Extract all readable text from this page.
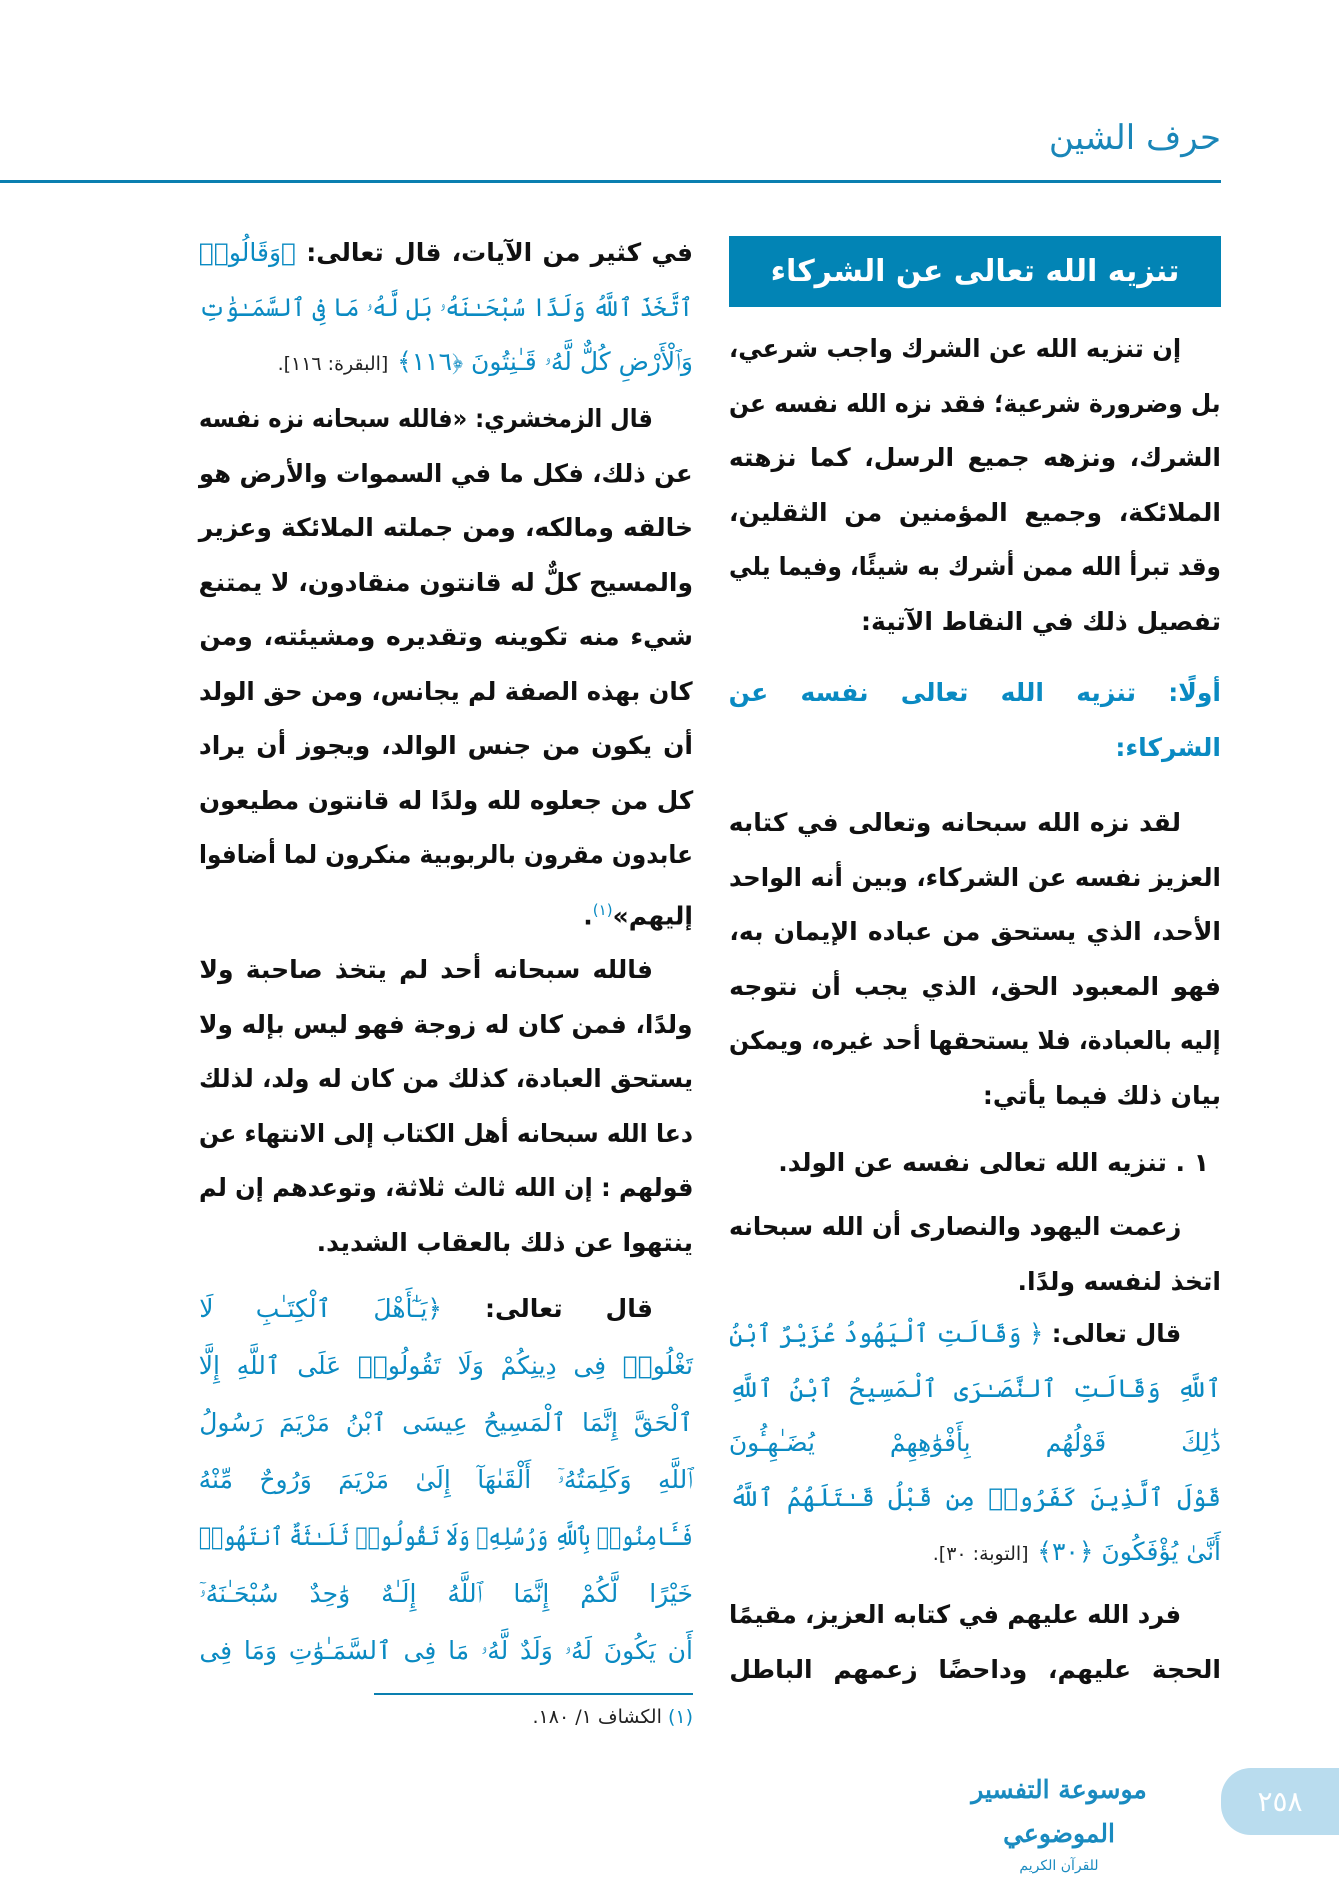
حرف الشين
تنزيه الله تعالى عن الشركاء
إن تنزيه الله عن الشرك واجب شرعي،
بل وضرورة شرعية؛ فقد نزه الله نفسه عن
الشرك، ونزهه جميع الرسل، كما نزهته
الملائكة، وجميع المؤمنين من الثقلين،
وقد تبرأ الله ممن أشرك به شيئًا، وفيما يلي
تفصيل ذلك في النقاط الآتية:
أولًا: تنزيه الله تعالى نفسه عن
الشركاء:
لقد نزه الله سبحانه وتعالى في كتابه
العزيز نفسه عن الشركاء، وبين أنه الواحد
الأحد، الذي يستحق من عباده الإيمان به،
فهو المعبود الحق، الذي يجب أن نتوجه
إليه بالعبادة، فلا يستحقها أحد غيره، ويمكن
بيان ذلك فيما يأتي:
١ . تنزيه الله تعالى نفسه عن الولد.
زعمت اليهود والنصارى أن الله سبحانه
اتخذ لنفسه ولدًا.
قال تعالى: ﴿ وَقَالَتِ ٱلْيَهُودُ عُزَيْرٌ ٱبْنُ
ٱللَّهِ وَقَالَتِ ٱلنَّصَـٰرَى ٱلْمَسِيحُ ٱبْنُ ٱللَّهِ
ذَٰلِكَ قَوْلُهُم بِأَفْوَٰهِهِمْ يُضَـٰهِـُٔونَ
قَوْلَ ٱلَّذِينَ كَفَرُوا۟ مِن قَبْلُ قَـٰتَلَهُمُ ٱللَّهُ
أَنَّىٰ يُؤْفَكُونَ ﴿٣٠﴾ [التوبة: ٣٠].
فرد الله عليهم في كتابه العزيز، مقيمًا
الحجة عليهم، وداحضًا زعمهم الباطل
في كثير من الآيات، قال تعالى: ﴿وَقَالُوا۟
ٱتَّخَذَ ٱللَّهُ وَلَدًا سُبْحَـٰنَهُۥ بَل لَّهُۥ مَا فِى ٱلسَّمَـٰوَٰتِ
وَٱلْأَرْضِ كُلٌّ لَّهُۥ قَـٰنِتُونَ ﴿١١٦﴾ [البقرة: ١١٦].
قال الزمخشري: «فالله سبحانه نزه نفسه
عن ذلك، فكل ما في السموات والأرض هو
خالقه ومالكه، ومن جملته الملائكة وعزير
والمسيح كلٌّ له قانتون منقادون، لا يمتنع
شيء منه تكوينه وتقديره ومشيئته، ومن
كان بهذه الصفة لم يجانس، ومن حق الولد
أن يكون من جنس الوالد، ويجوز أن يراد
كل من جعلوه لله ولدًا له قانتون مطيعون
عابدون مقرون بالربوبية منكرون لما أضافوا
إليهم»$^{(١)}$.
فالله سبحانه أحد لم يتخذ صاحبة ولا
ولدًا، فمن كان له زوجة فهو ليس بإله ولا
يستحق العبادة، كذلك من كان له ولد، لذلك
دعا الله سبحانه أهل الكتاب إلى الانتهاء عن
قولهم : إن الله ثالث ثلاثة، وتوعدهم إن لم
ينتهوا عن ذلك بالعقاب الشديد.
قال تعالى: ﴿يَـٰٓأَهْلَ ٱلْكِتَـٰبِ لَا
تَغْلُوا۟ فِى دِينِكُمْ وَلَا تَقُولُوا۟ عَلَى ٱللَّهِ إِلَّا
ٱلْحَقَّ إِنَّمَا ٱلْمَسِيحُ عِيسَى ٱبْنُ مَرْيَمَ رَسُولُ
ٱللَّهِ وَكَلِمَتُهُۥٓ أَلْقَىٰهَآ إِلَىٰ مَرْيَمَ وَرُوحٌ مِّنْهُ
فَـَٔامِنُوا۟ بِٱللَّهِ وَرُسُلِهِۦ وَلَا تَقُولُوا۟ ثَلَـٰثَةٌ ٱنتَهُوا۟
خَيْرًا لَّكُمْ إِنَّمَا ٱللَّهُ إِلَـٰهٌ وَٰحِدٌ سُبْحَـٰنَهُۥٓ
أَن يَكُونَ لَهُۥ وَلَدٌ لَّهُۥ مَا فِى ٱلسَّمَـٰوَٰتِ وَمَا فِى
(١) الكشاف ١/ ١٨٠.
موسوعة التفسير الموضوعي
للقرآن الكريم
٢٥٨
